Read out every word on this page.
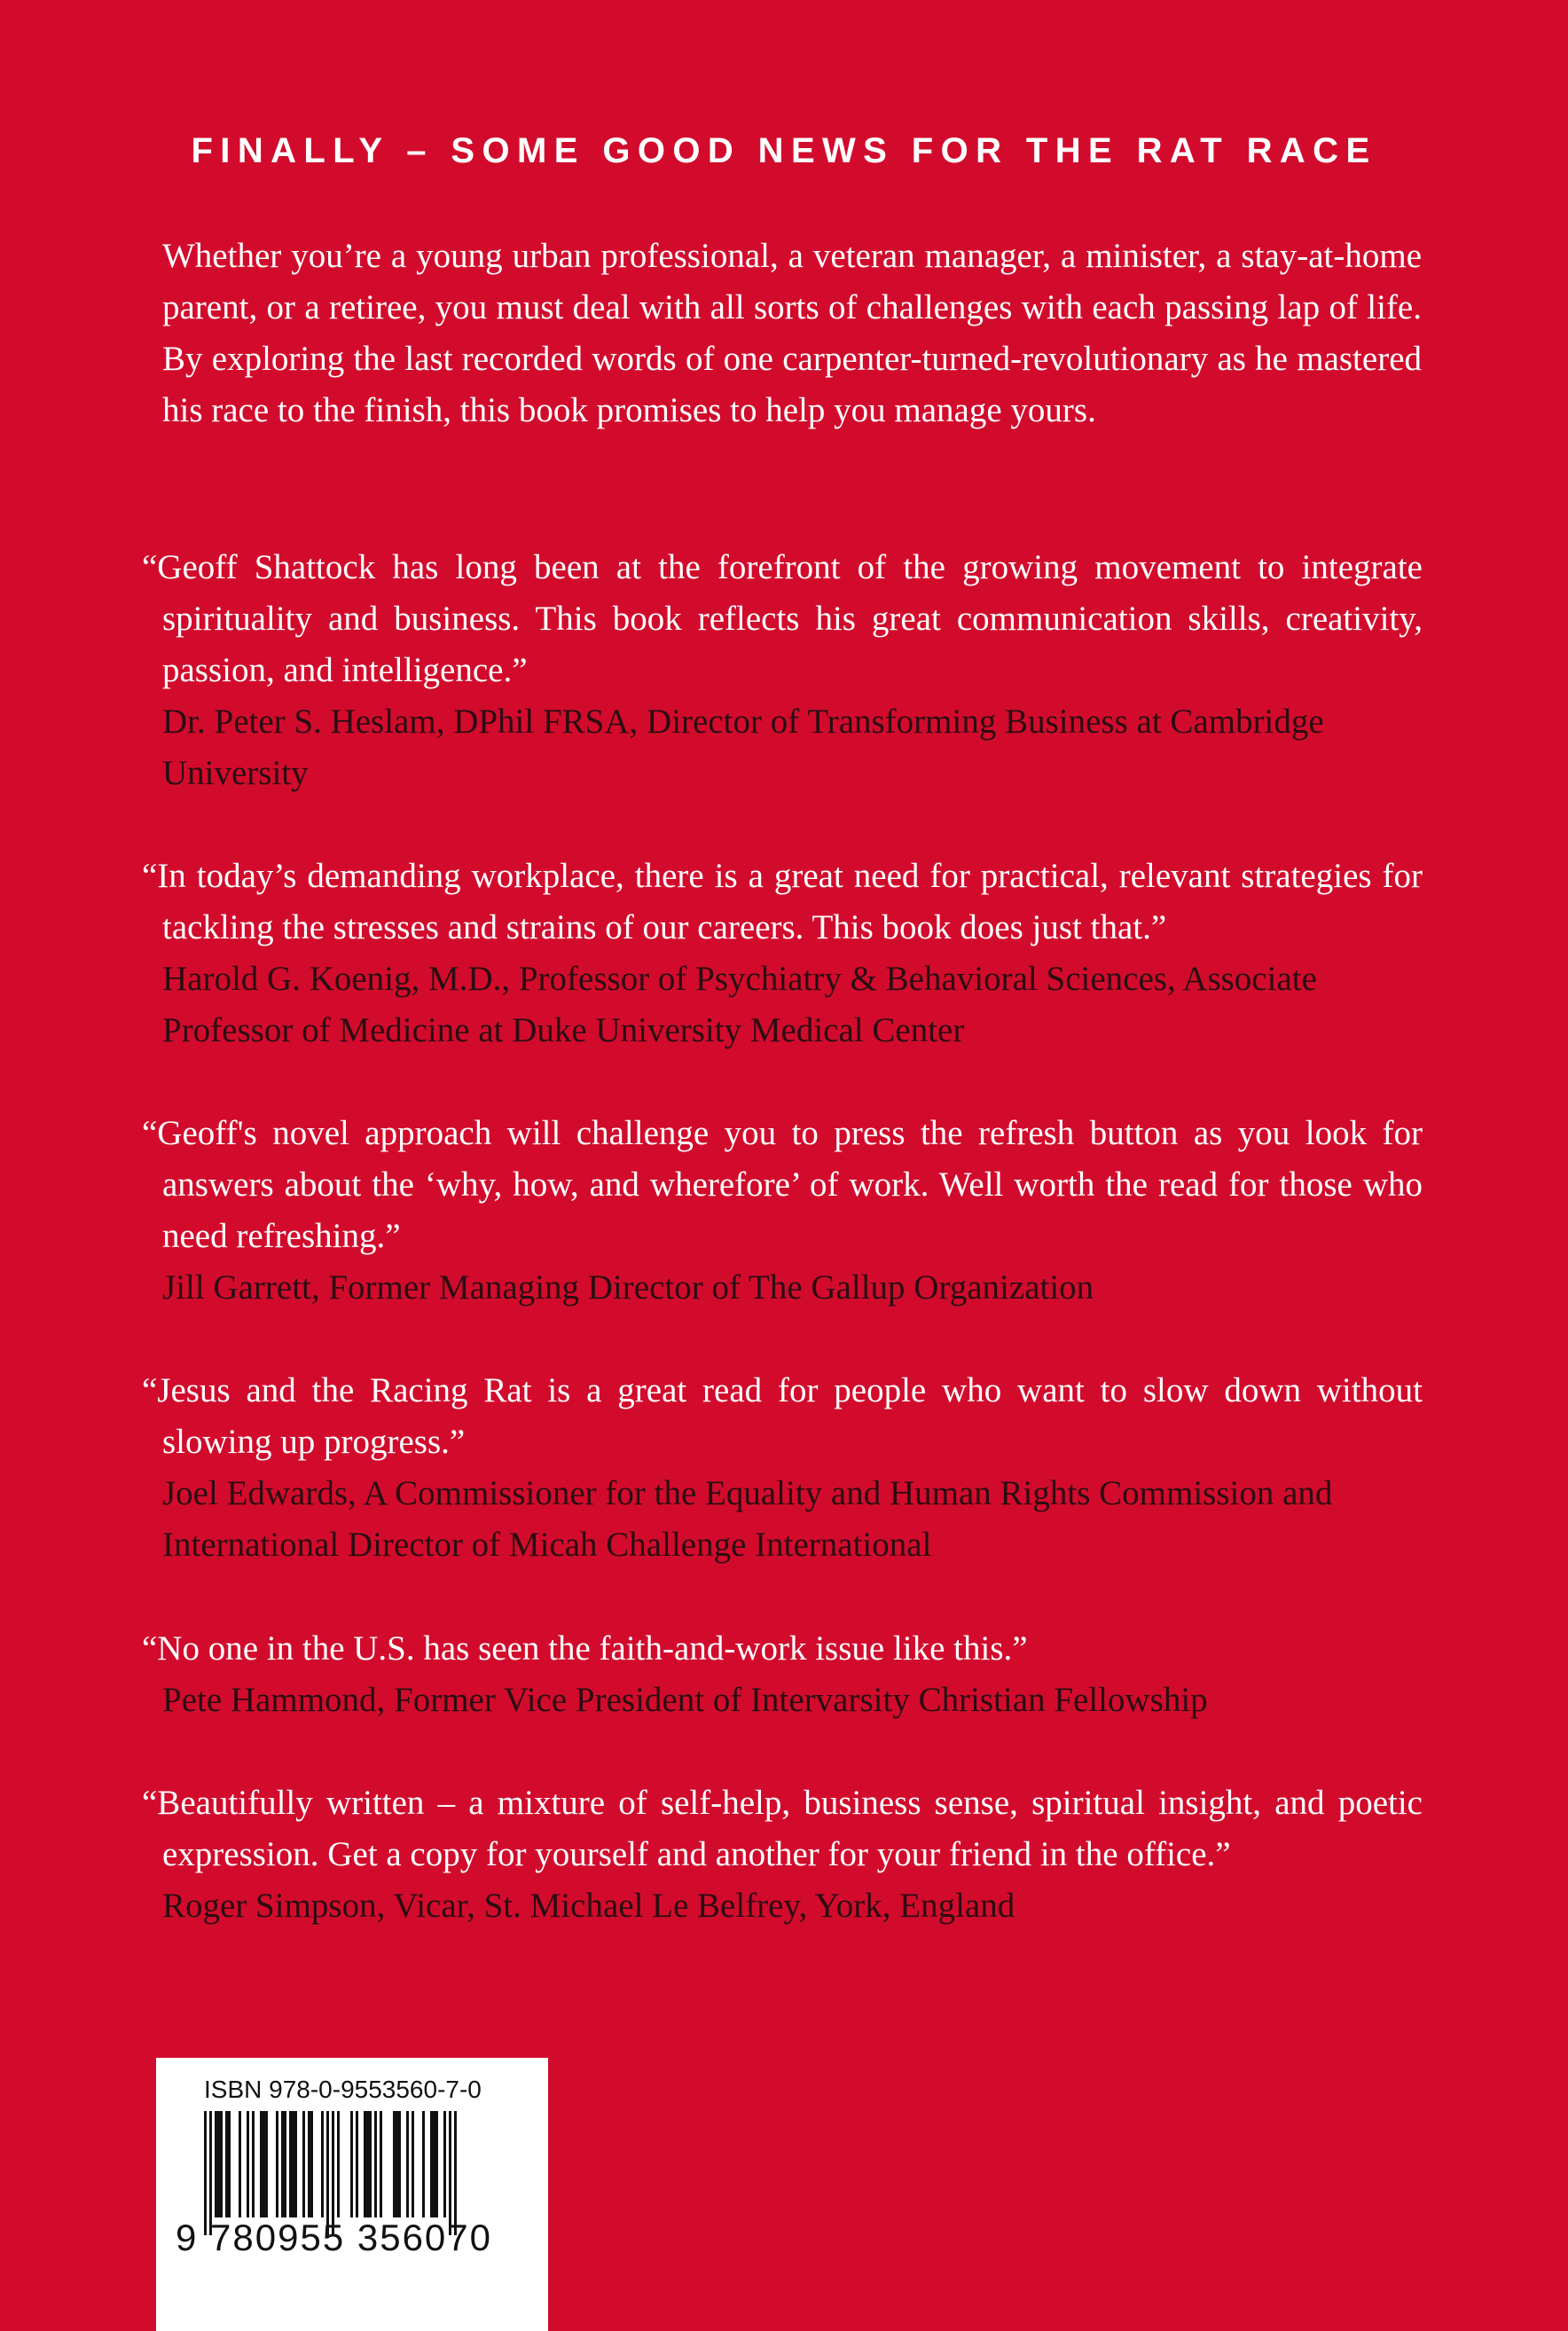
FINALLY – SOME GOOD NEWS FOR THE RAT RACE

Whether you’re a young urban professional, a veteran manager, a minister, a stay-at-home parent, or a retiree, you must deal with all sorts of challenges with each passing lap of life. By exploring the last recorded words of one carpenter-turned-revolutionary as he mastered his race to the finish, this book promises to help you manage yours.

“Geoff Shattock has long been at the forefront of the growing movement to integrate spirituality and business. This book reflects his great communication skills, creativity, passion, and intelligence.”

Dr. Peter S. Heslam, DPhil FRSA, Director of Transforming Business at Cambridge University

“In today’s demanding workplace, there is a great need for practical, relevant strategies for tackling the stresses and strains of our careers. This book does just that.”

Harold G. Koenig, M.D., Professor of Psychiatry & Behavioral Sciences, Associate Professor of Medicine at Duke University Medical Center

“Geoff's novel approach will challenge you to press the refresh button as you look for answers about the ‘why, how, and wherefore’ of work. Well worth the read for those who need refreshing.”

Jill Garrett, Former Managing Director of The Gallup Organization

“Jesus and the Racing Rat is a great read for people who want to slow down without slowing up progress.”

Joel Edwards, A Commissioner for the Equality and Human Rights Commission and International Director of Micah Challenge International

“No one in the U.S. has seen the faith-and-work issue like this.”

Pete Hammond, Former Vice President of Intervarsity Christian Fellowship

“Beautifully written – a mixture of self-help, business sense, spiritual insight, and poetic expression. Get a copy for yourself and another for your friend in the office.”

Roger Simpson, Vicar, St. Michael Le Belfrey, York, England

ISBN 978-0-9553560-7-0

9 780955 356070
